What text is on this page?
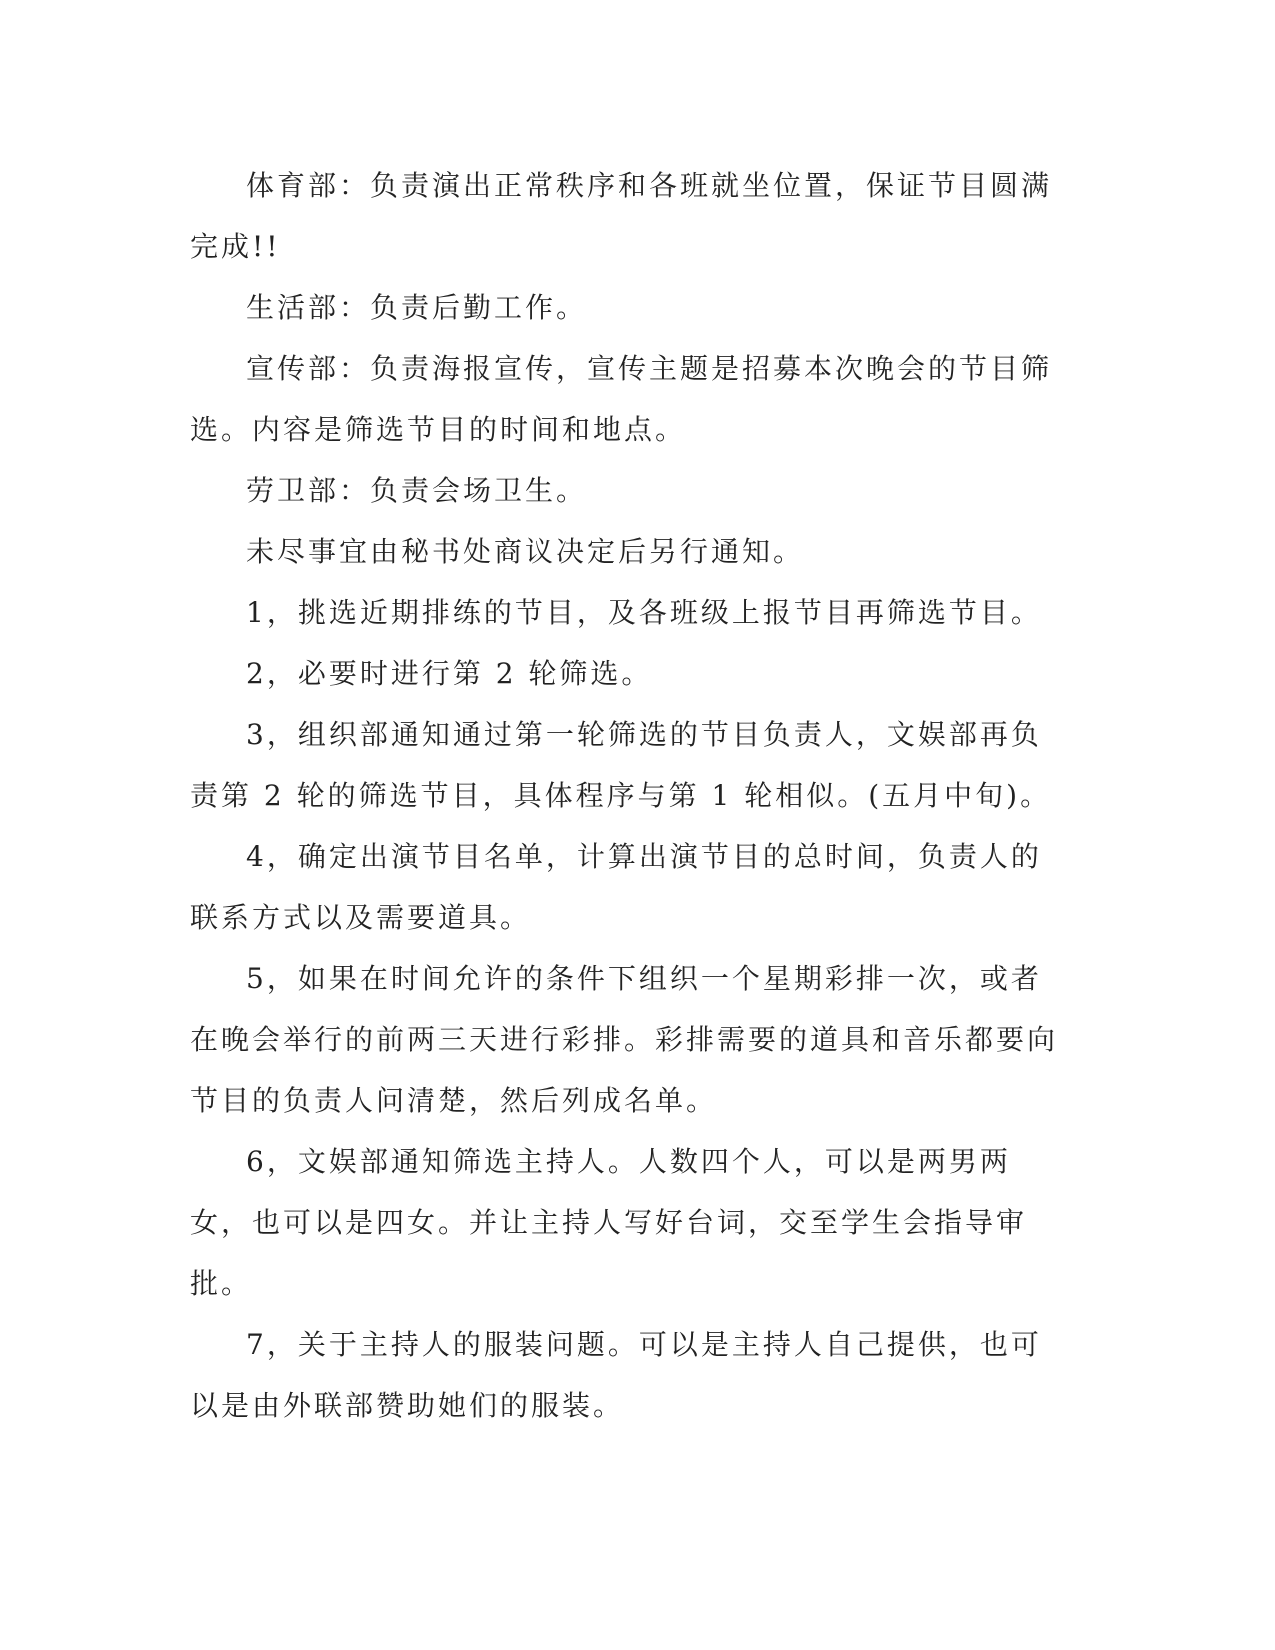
体育部：负责演出正常秩序和各班就坐位置，保证节目圆满完成!!

生活部：负责后勤工作。

宣传部：负责海报宣传，宣传主题是招募本次晚会的节目筛选。内容是筛选节目的时间和地点。

劳卫部：负责会场卫生。

未尽事宜由秘书处商议决定后另行通知。

1，挑选近期排练的节目，及各班级上报节目再筛选节目。

2，必要时进行第 2 轮筛选。

3，组织部通知通过第一轮筛选的节目负责人，文娱部再负责第 2 轮的筛选节目，具体程序与第 1 轮相似。(五月中旬)。

4，确定出演节目名单，计算出演节目的总时间，负责人的联系方式以及需要道具。

5，如果在时间允许的条件下组织一个星期彩排一次，或者在晚会举行的前两三天进行彩排。彩排需要的道具和音乐都要向节目的负责人问清楚，然后列成名单。

6，文娱部通知筛选主持人。人数四个人，可以是两男两女，也可以是四女。并让主持人写好台词，交至学生会指导审批。

7，关于主持人的服装问题。可以是主持人自己提供，也可以是由外联部赞助她们的服装。
